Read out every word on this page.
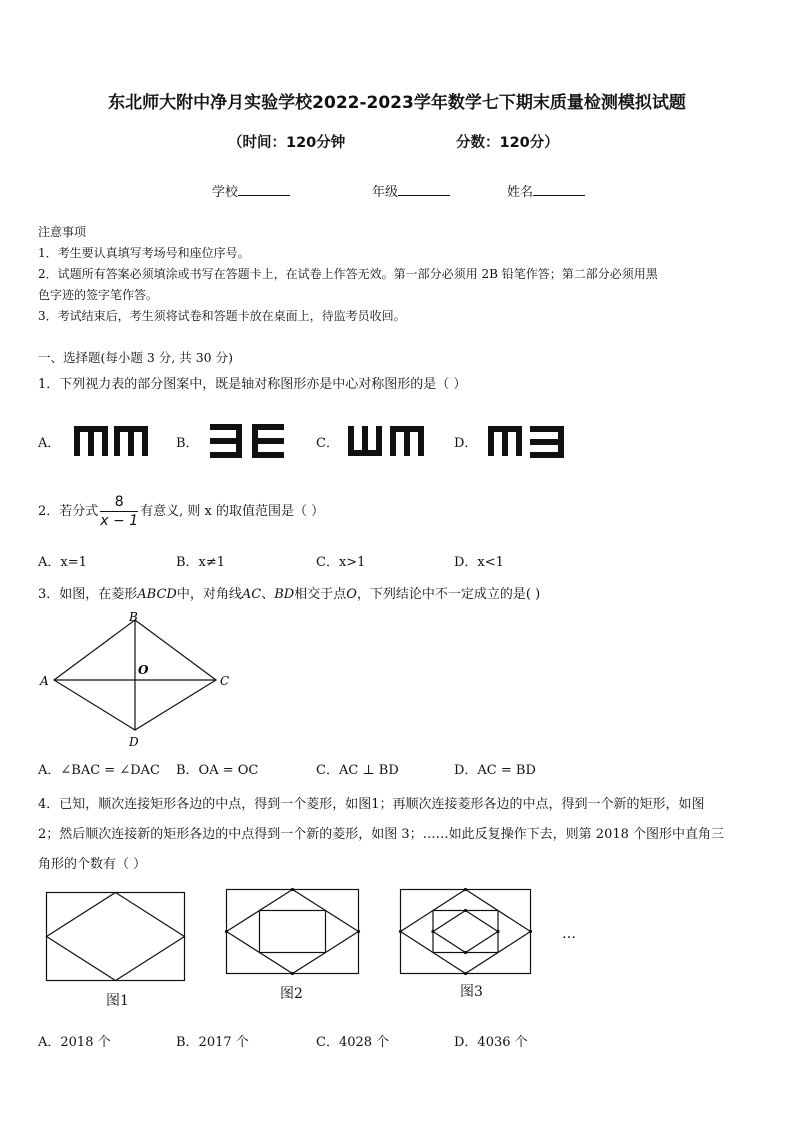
东北师大附中净月实验学校2022-2023学年数学七下期末质量检测模拟试题
（时间：120分钟	分数：120分）
学校	年级	姓名
注意事项
1．考生要认真填写考场号和座位序号。
2．试题所有答案必须填涂或书写在答题卡上，在试卷上作答无效。第一部分必须用 2B 铅笔作答；第二部分必须用黑
色字迹的签字笔作答。
3．考试结束后，考生须将试卷和答题卡放在桌面上，待监考员收回。
一、选择题(每小题 3 分, 共 30 分)
1．下列视力表的部分图案中，既是轴对称图形亦是中心对称图形的是（ ）
A．	B．	C．	D．
2．若分式 $\frac{8}{x - 1}$ 有意义, 则 x 的取值范围是（ ）
A．x=1	B．x≠1	C．x>1	D．x<1
3．如图，在菱形ABCD中，对角线AC、BD相交于点O，下列结论中不一定成立的是( )
A
B
C
D
O
A．∠BAC = ∠DAC B．OA = OC	C．AC ⊥ BD	D．AC = BD
4．已知，顺次连接矩形各边的中点，得到一个菱形，如图1；再顺次连接菱形各边的中点，得到一个新的矩形，如图
2；然后顺次连接新的矩形各边的中点得到一个新的菱形，如图 3；……如此反复操作下去，则第 2018 个图形中直角三
角形的个数有（ ）
图1	图2	图3
…
A．2018 个	B．2017 个	C．4028 个	D．4036 个
